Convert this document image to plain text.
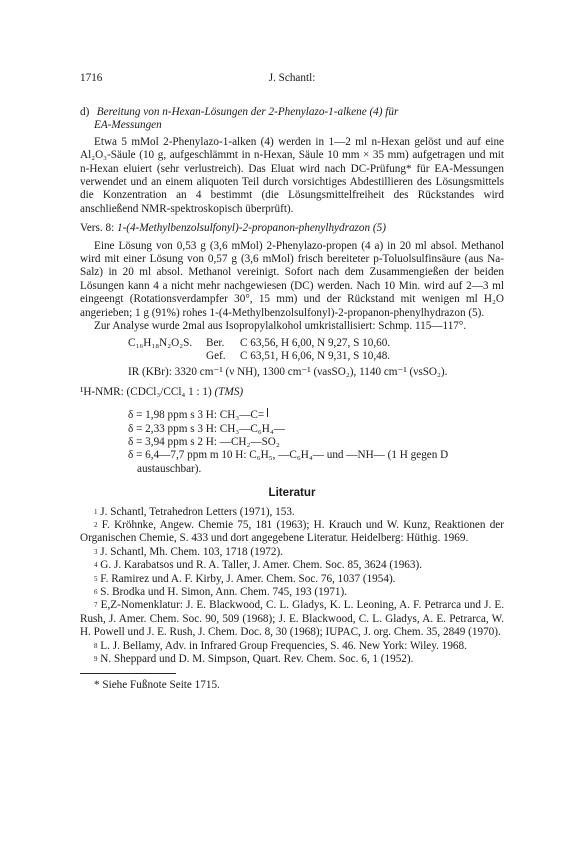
1716	J. Schantl:
d) Bereitung von n-Hexan-Lösungen der 2-Phenylazo-1-alkene (4) für
EA-Messungen

Etwa 5 mMol 2-Phenylazo-1-alken (4) werden in 1—2 ml n-Hexan gelöst und auf eine Al₂O₃-Säule (10 g, aufgeschlämmt in n-Hexan, Säule 10 mm × 35 mm) aufgetragen und mit n-Hexan eluiert (sehr verlustreich). Das Eluat wird nach DC-Prüfung* für EA-Messungen verwendet und an einem aliquoten Teil durch vorsichtiges Abdestillieren des Lösungsmittels die Konzentration an 4 bestimmt (die Lösungsmittelfreiheit des Rückstandes wird anschließend NMR-spektroskopisch überprüft).

Vers. 8: 1-(4-Methylbenzolsulfonyl)-2-propanon-phenylhydrazon (5)

Eine Lösung von 0,53 g (3,6 mMol) 2-Phenylazo-propen (4 a) in 20 ml absol. Methanol wird mit einer Lösung von 0,57 g (3,6 mMol) frisch bereiteter p-Toluolsulfinsäure (aus Na-Salz) in 20 ml absol. Methanol vereinigt. Sofort nach dem Zusammengießen der beiden Lösungen kann 4 a nicht mehr nachgewiesen (DC) werden. Nach 10 Min. wird auf 2—3 ml eingeengt (Rotationsverdampfer 30°, 15 mm) und der Rückstand mit wenigen ml H₂O angerieben; 1 g (91%) rohes 1-(4-Methylbenzolsulfonyl)-2-propanon-phenylhydrazon (5).

Zur Analyse wurde 2mal aus Isopropylalkohol umkristallisiert: Schmp. 115—117°.

C₁₆H₁₈N₂O₂S.	Ber.	C 63,56, H 6,00, N 9,27, S 10,60.
Gef.	C 63,51, H 6,06, N 9,31, S 10,48.
IR (KBr): 3320 cm⁻¹ (ν NH), 1300 cm⁻¹ (νasSO₂), 1140 cm⁻¹ (νsSO₂).
¹H-NMR: (CDCl₃/CCl₄ 1 : 1) (TMS)
δ = 1,98 ppm s 3 H: CH₃—C=
δ = 2,33 ppm s 3 H: CH₃—C₆H₄—
δ = 3,94 ppm s 2 H: —CH₂—SO₂
δ = 6,4—7,7 ppm m 10 H: C₆H₅, —C₆H₄— und —NH— (1 H gegen D
austauschbar).
Literatur
$^1$ J. Schantl, Tetrahedron Letters (1971), 153.
$^2$ F. Kröhnke, Angew. Chemie 75, 181 (1963); H. Krauch und W. Kunz, Reaktionen der Organischen Chemie, S. 433 und dort angegebene Literatur. Heidelberg: Hüthig. 1969.
$^3$ J. Schantl, Mh. Chem. 103, 1718 (1972).
$^4$ G. J. Karabatsos und R. A. Taller, J. Amer. Chem. Soc. 85, 3624 (1963).
$^5$ F. Ramirez und A. F. Kirby, J. Amer. Chem. Soc. 76, 1037 (1954).
$^6$ S. Brodka und H. Simon, Ann. Chem. 745, 193 (1971).
$^7$ E,Z-Nomenklatur: J. E. Blackwood, C. L. Gladys, K. L. Leoning, A. F. Petrarca und J. E. Rush, J. Amer. Chem. Soc. 90, 509 (1968); J. E. Blackwood, C. L. Gladys, A. E. Petrarca, W. H. Powell und J. E. Rush, J. Chem. Doc. 8, 30 (1968); IUPAC, J. org. Chem. 35, 2849 (1970).
$^8$ L. J. Bellamy, Adv. in Infrared Group Frequencies, S. 46. New York: Wiley. 1968.
$^9$ N. Sheppard und D. M. Simpson, Quart. Rev. Chem. Soc. 6, 1 (1952).
* Siehe Fußnote Seite 1715.
